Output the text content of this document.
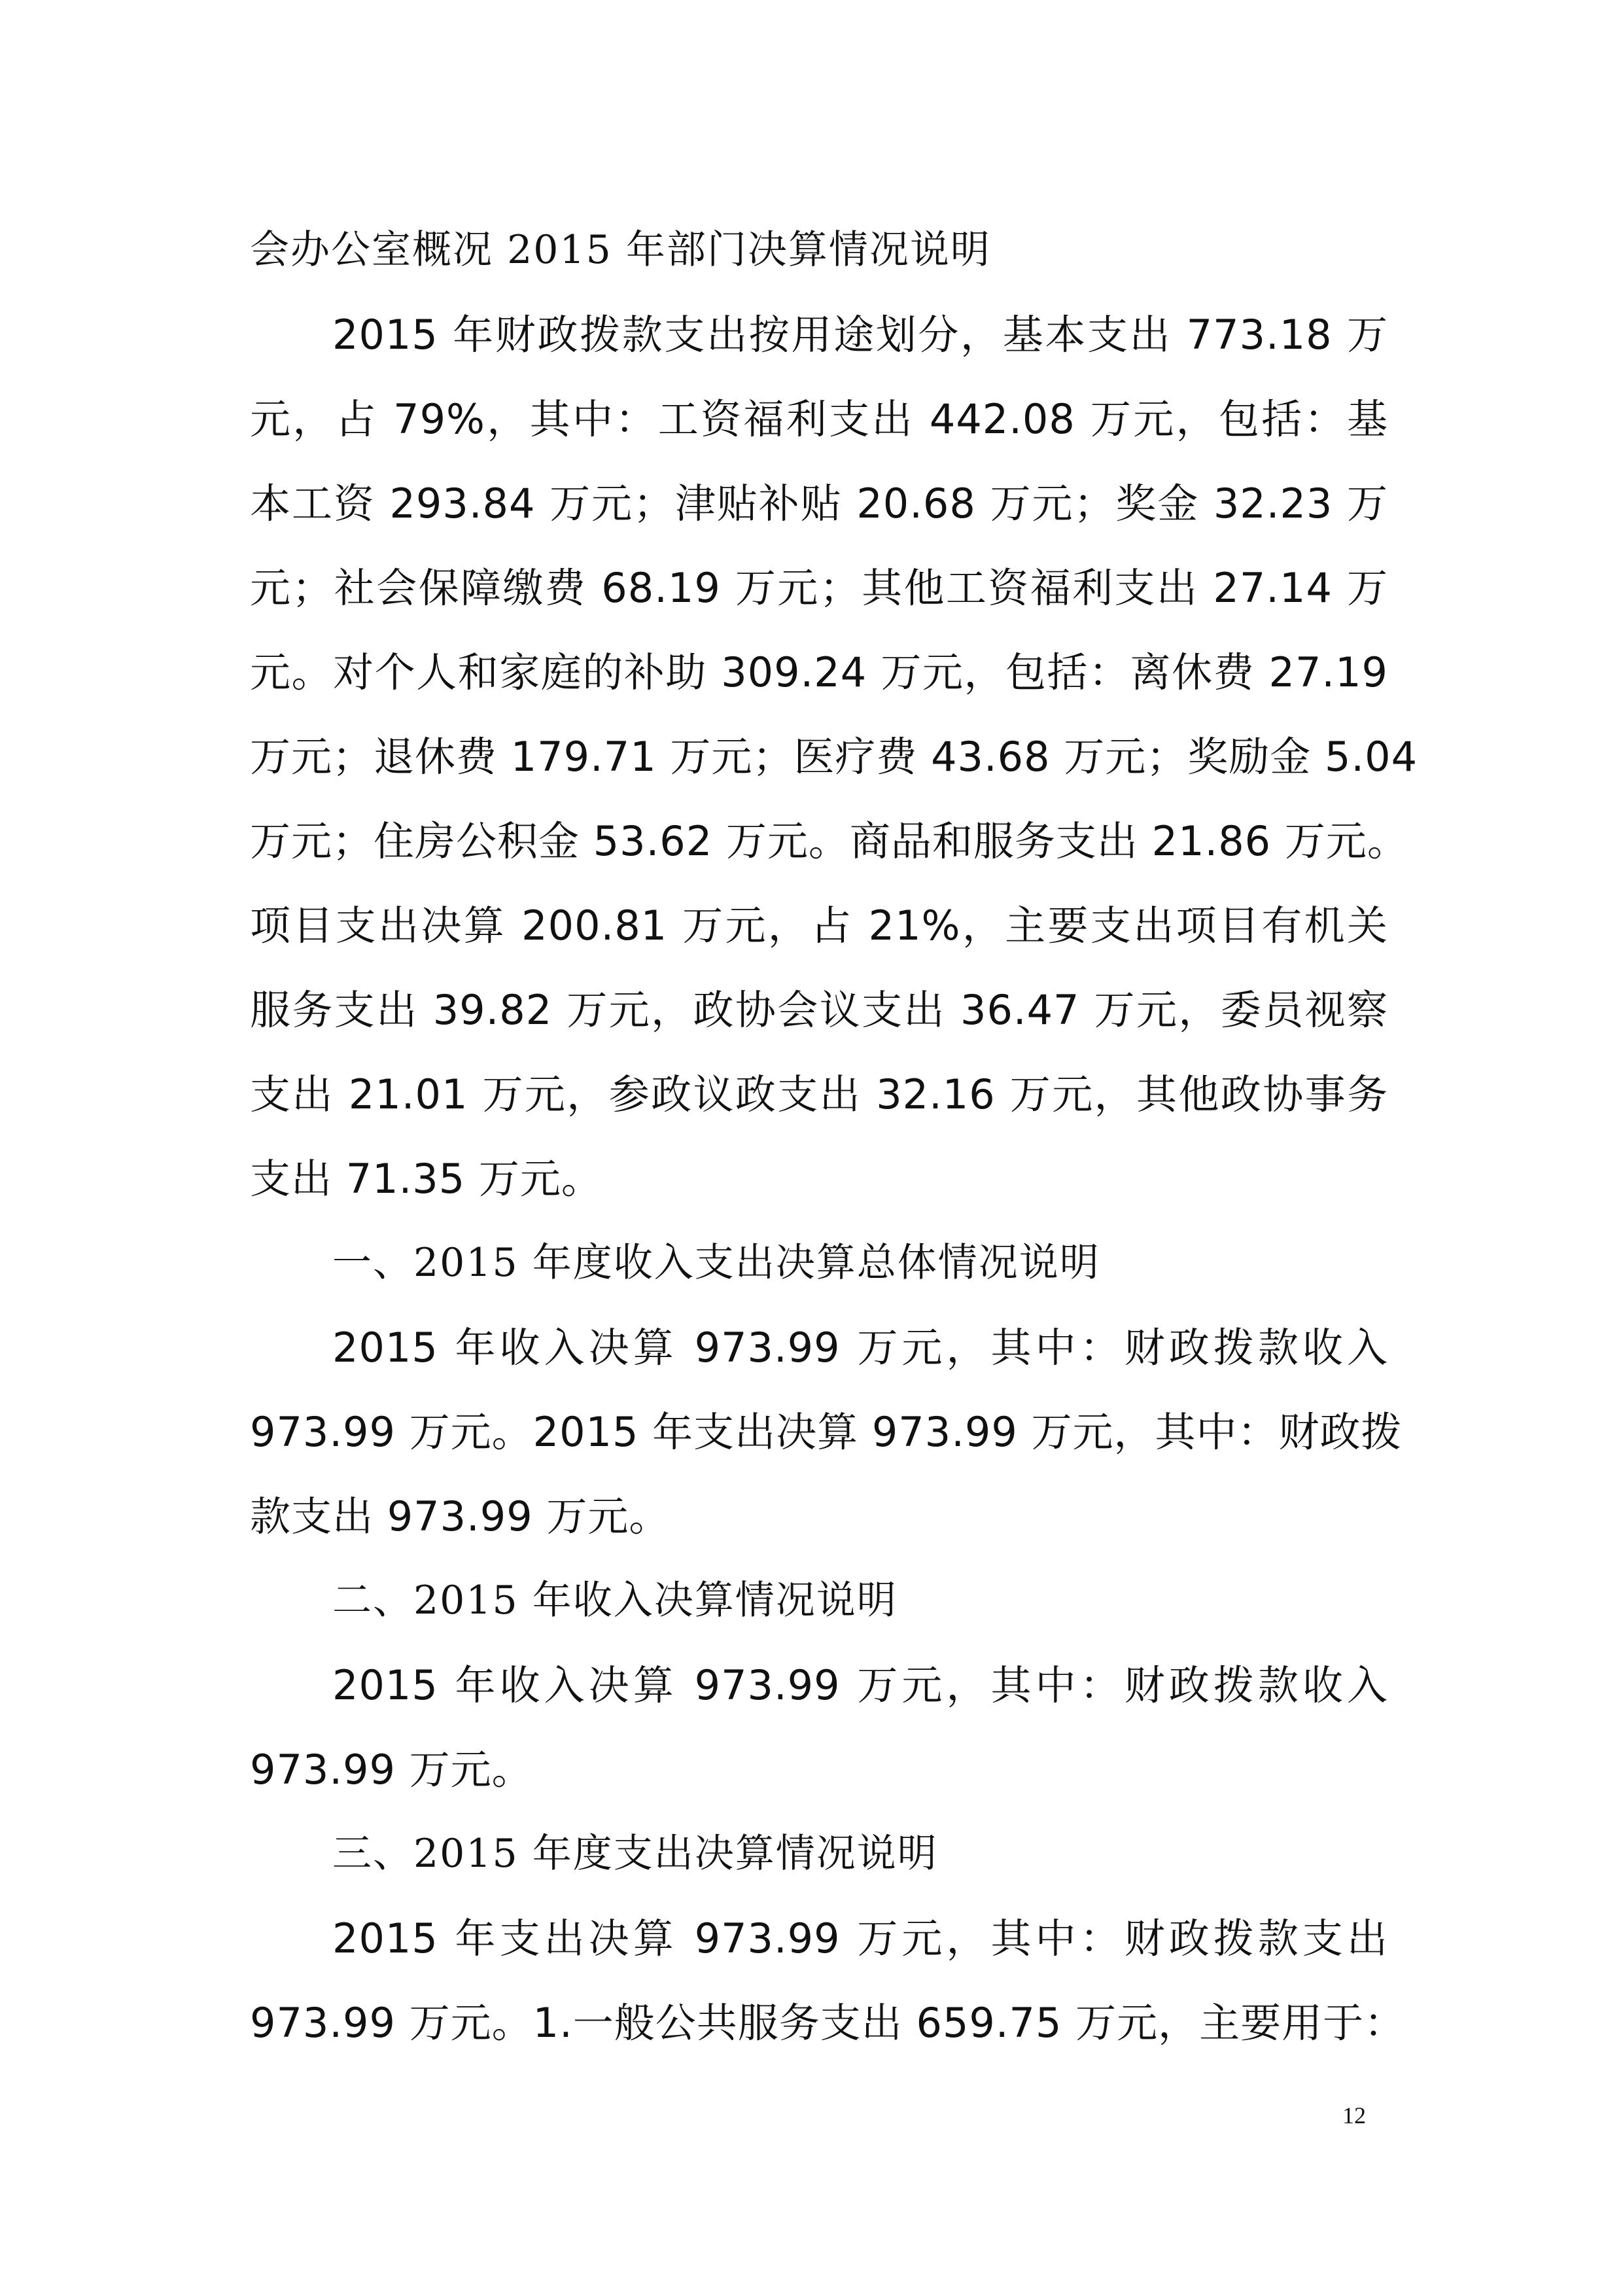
会办公室概况 2015 年部门决算情况说明
2015 年财政拨款支出按用途划分，基本支出 773.18 万
元，占 79%，其中：工资福利支出 442.08 万元，包括：基
本工资 293.84 万元；津贴补贴 20.68 万元；奖金 32.23 万
元；社会保障缴费 68.19 万元；其他工资福利支出 27.14 万
元。对个人和家庭的补助 309.24 万元，包括：离休费 27.19
万元；退休费 179.71 万元；医疗费 43.68 万元；奖励金 5.04
万元；住房公积金 53.62 万元。商品和服务支出 21.86 万元。
项目支出决算 200.81 万元，占 21%，主要支出项目有机关
服务支出 39.82 万元，政协会议支出 36.47 万元，委员视察
支出 21.01 万元，参政议政支出 32.16 万元，其他政协事务
支出 71.35 万元。
一、2015 年度收入支出决算总体情况说明
2015 年收入决算 973.99 万元，其中：财政拨款收入
973.99 万元。2015 年支出决算 973.99 万元，其中：财政拨
款支出 973.99 万元。
二、2015 年收入决算情况说明
2015 年收入决算 973.99 万元，其中：财政拨款收入
973.99 万元。
三、2015 年度支出决算情况说明
2015 年支出决算 973.99 万元，其中：财政拨款支出
973.99 万元。1.一般公共服务支出 659.75 万元，主要用于：
12
